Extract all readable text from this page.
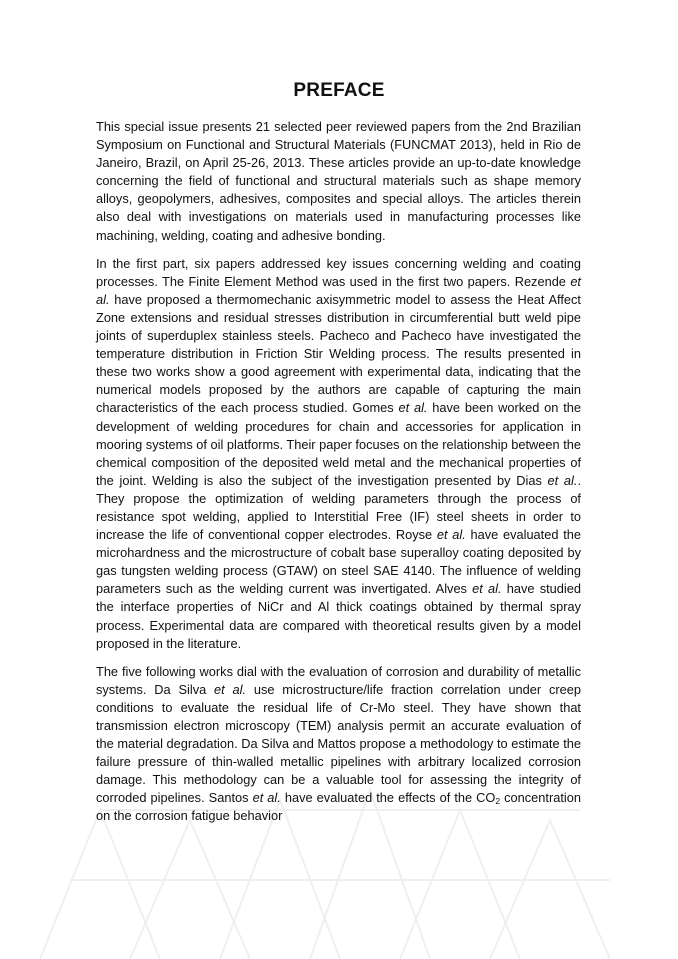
PREFACE

This special issue presents 21 selected peer reviewed papers from the 2nd Brazilian Symposium on Functional and Structural Materials (FUNCMAT 2013), held in Rio de Janeiro, Brazil, on April 25-26, 2013. These articles provide an up-to-date knowledge concerning the field of functional and structural materials such as shape memory alloys, geopolymers, adhesives, composites and special alloys. The articles therein also deal with investigations on materials used in manufacturing processes like machining, welding, coating and adhesive bonding.

In the first part, six papers addressed key issues concerning welding and coating processes. The Finite Element Method was used in the first two papers. Rezende et al. have proposed a thermomechanic axisymmetric model to assess the Heat Affect Zone extensions and residual stresses distribution in circumferential butt weld pipe joints of superduplex stainless steels. Pacheco and Pacheco have investigated the temperature distribution in Friction Stir Welding process. The results presented in these two works show a good agreement with experimental data, indicating that the numerical models proposed by the authors are capable of capturing the main characteristics of the each process studied. Gomes et al. have been worked on the development of welding procedures for chain and accessories for application in mooring systems of oil platforms. Their paper focuses on the relationship between the chemical composition of the deposited weld metal and the mechanical properties of the joint. Welding is also the subject of the investigation presented by Dias et al.. They propose the optimization of welding parameters through the process of resistance spot welding, applied to Interstitial Free (IF) steel sheets in order to increase the life of conventional copper electrodes. Royse et al. have evaluated the microhardness and the microstructure of cobalt base superalloy coating deposited by gas tungsten welding process (GTAW) on steel SAE 4140. The influence of welding parameters such as the welding current was invertigated. Alves et al. have studied the interface properties of NiCr and Al thick coatings obtained by thermal spray process. Experimental data are compared with theoretical results given by a model proposed in the literature.

The five following works dial with the evaluation of corrosion and durability of metallic systems. Da Silva et al. use microstructure/life fraction correlation under creep conditions to evaluate the residual life of Cr-Mo steel. They have shown that transmission electron microscopy (TEM) analysis permit an accurate evaluation of the material degradation. Da Silva and Mattos propose a methodology to estimate the failure pressure of thin-walled metallic pipelines with arbitrary localized corrosion damage. This methodology can be a valuable tool for assessing the integrity of corroded pipelines. Santos et al. have evaluated the effects of the $CO_2$ concentration on the corrosion fatigue behavior
